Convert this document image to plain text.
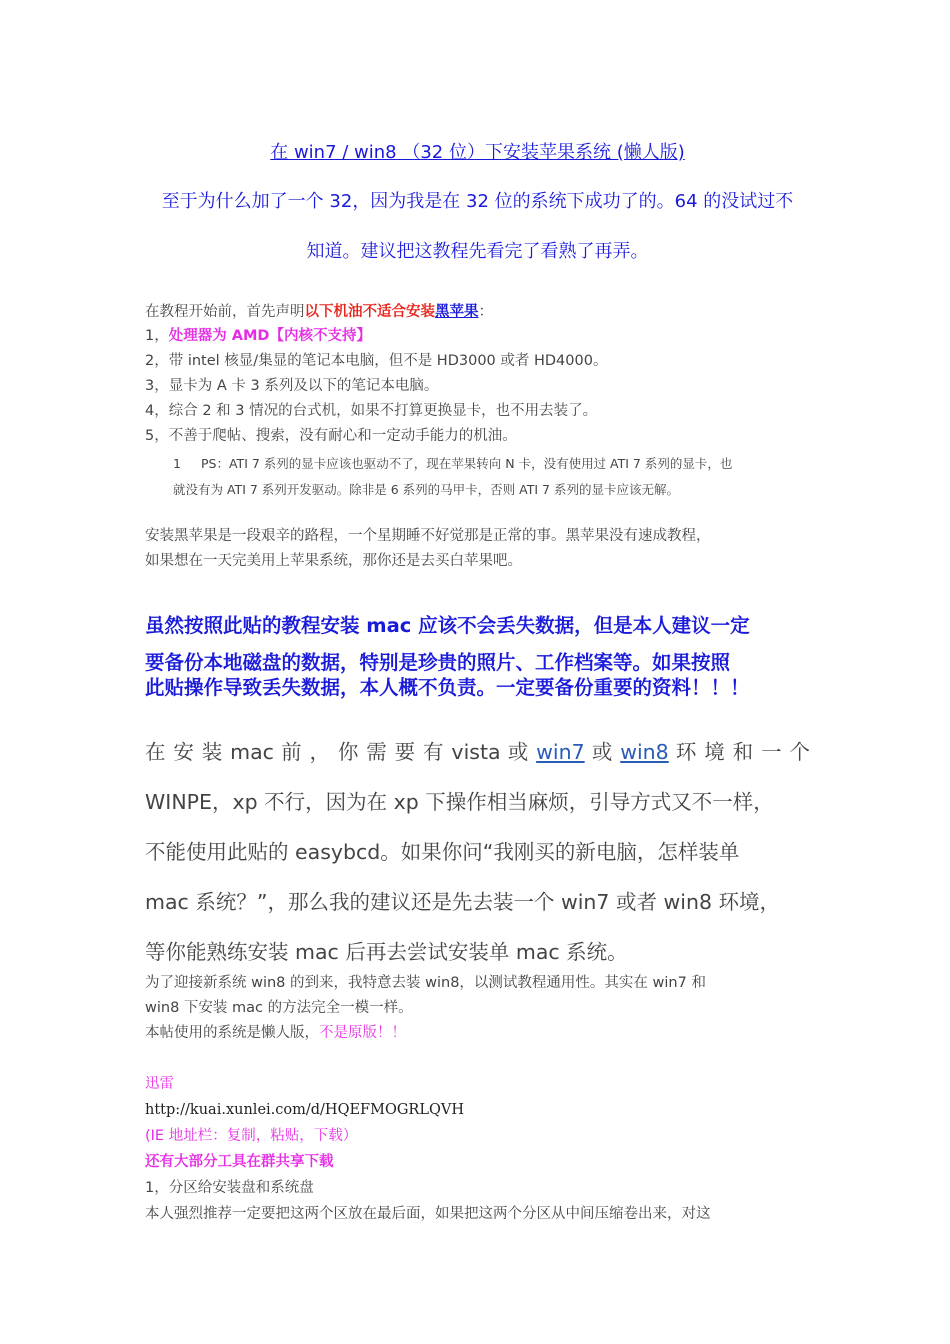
在 win7 / win8 （32 位）下安装苹果系统 (懒人版)
至于为什么加了一个 32，因为我是在 32 位的系统下成功了的。64 的没试过不
知道。建议把这教程先看完了看熟了再弄。
在教程开始前，首先声明以下机油不适合安装黑苹果：
1，处理器为 AMD【内核不支持】
2，带 intel 核显/集显的笔记本电脑，但不是 HD3000 或者 HD4000。
3，显卡为 A 卡 3 系列及以下的笔记本电脑。
4，综合 2 和 3 情况的台式机，如果不打算更换显卡，也不用去装了。
5，不善于爬帖、搜索，没有耐心和一定动手能力的机油。
1 PS：ATI 7 系列的显卡应该也驱动不了，现在苹果转向 N 卡，没有使用过 ATI 7 系列的显卡，也
就没有为 ATI 7 系列开发驱动。除非是 6 系列的马甲卡，否则 ATI 7 系列的显卡应该无解。
安装黑苹果是一段艰辛的路程，一个星期睡不好觉那是正常的事。黑苹果没有速成教程，
如果想在一天完美用上苹果系统，那你还是去买白苹果吧。
虽然按照此贴的教程安装 mac 应该不会丢失数据，但是本人建议一定
要备份本地磁盘的数据，特别是珍贵的照片、工作档案等。如果按照
此贴操作导致丢失数据，本人概不负责。一定要备份重要的资料！！！
在 安 装 mac 前 ， 你 需 要 有 vista 或 win7 或 win8 环 境 和 一 个
WINPE，xp 不行，因为在 xp 下操作相当麻烦，引导方式又不一样，
不能使用此贴的 easybcd。如果你问“我刚买的新电脑，怎样装单
mac 系统？”，那么我的建议还是先去装一个 win7 或者 win8 环境，
等你能熟练安装 mac 后再去尝试安装单 mac 系统。
为了迎接新系统 win8 的到来，我特意去装 win8，以测试教程通用性。其实在 win7 和
win8 下安装 mac 的方法完全一模一样。
本帖使用的系统是懒人版，不是原版！！
迅雷
http://kuai.xunlei.com/d/HQEFMOGRLQVH
(IE 地址栏：复制，粘贴，下载）
还有大部分工具在群共享下载
1，分区给安装盘和系统盘
本人强烈推荐一定要把这两个区放在最后面，如果把这两个分区从中间压缩卷出来，对这
